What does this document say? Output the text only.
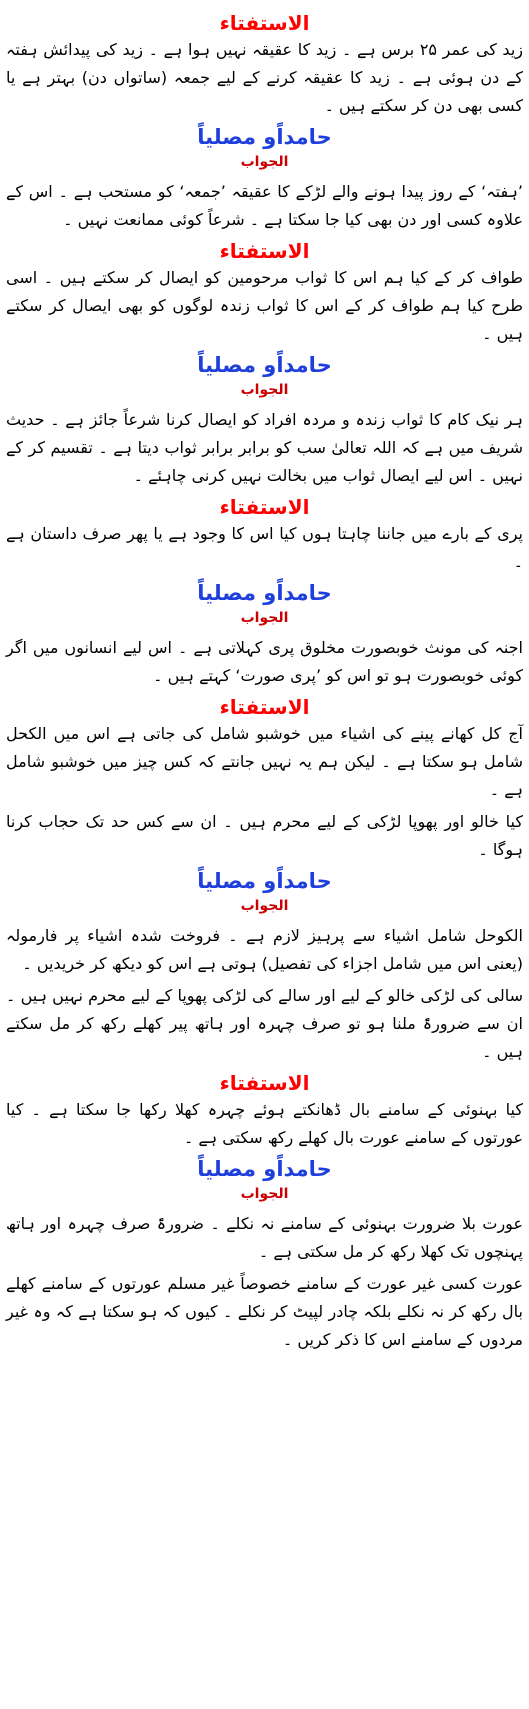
الاستفتاء

زید کی عمر ۲۵ برس ہے ۔ زید کا عقیقہ نہیں ہوا ہے ۔ زید کی پیدائش ہفتہ کے دن ہوئی ہے ۔ زید کا عقیقہ کرنے کے لیے جمعہ (ساتواں دن) بہتر ہے یا کسی بھی دن کر سکتے ہیں ۔

حامداًو مصلیاً
الجواب

’ہفتہ‘ کے روز پیدا ہونے والے لڑکے کا عقیقہ ’جمعہ‘ کو مستحب ہے ۔ اس کے علاوہ کسی اور دن بھی کیا جا سکتا ہے ۔ شرعاً کوئی ممانعت نہیں ۔

الاستفتاء

طواف کر کے کیا ہم اس کا ثواب مرحومین کو ایصال کر سکتے ہیں ۔ اسی طرح کیا ہم طواف کر کے اس کا ثواب زندہ لوگوں کو بھی ایصال کر سکتے ہیں ۔

حامداًو مصلیاً
الجواب

ہر نیک کام کا ثواب زندہ و مردہ افراد کو ایصال کرنا شرعاً جائز ہے ۔ حدیث شریف میں ہے کہ اللہ تعالیٰ سب کو برابر برابر ثواب دیتا ہے ۔ تقسیم کر کے نہیں ۔ اس لیے ایصال ثواب میں بخالت نہیں کرنی چاہئے ۔

الاستفتاء

پری کے بارے میں جاننا چاہتا ہوں کیا اس کا وجود ہے یا پھر صرف داستان ہے ۔

حامداًو مصلیاً
الجواب

اجنہ کی مونث خوبصورت مخلوق پری کہلاتی ہے ۔ اس لیے انسانوں میں اگر کوئی خوبصورت ہو تو اس کو ’پری صورت‘ کہتے ہیں ۔

الاستفتاء

آج کل کھانے پینے کی اشیاء میں خوشبو شامل کی جاتی ہے اس میں الکحل شامل ہو سکتا ہے ۔ لیکن ہم یہ نہیں جانتے کہ کس چیز میں خوشبو شامل ہے ۔

کیا خالو اور پھوپا لڑکی کے لیے محرم ہیں ۔ ان سے کس حد تک حجاب کرنا ہوگا ۔

حامداًو مصلیاً
الجواب

الکوحل شامل اشیاء سے پرہیز لازم ہے ۔ فروخت شدہ اشیاء پر فارمولہ (یعنی اس میں شامل اجزاء کی تفصیل) ہوتی ہے اس کو دیکھ کر خریدیں ۔

سالی کی لڑکی خالو کے لیے اور سالے کی لڑکی پھوپا کے لیے محرم نہیں ہیں ۔ ان سے ضرورۃً ملنا ہو تو صرف چہرہ اور ہاتھ پیر کھلے رکھ کر مل سکتے ہیں ۔

الاستفتاء

کیا بہنوئی کے سامنے بال ڈھانکتے ہوئے چہرہ کھلا رکھا جا سکتا ہے ۔ کیا عورتوں کے سامنے عورت بال کھلے رکھ سکتی ہے ۔

حامداًو مصلیاً
الجواب

عورت بلا ضرورت بہنوئی کے سامنے نہ نکلے ۔ ضرورۃً صرف چہرہ اور ہاتھ پہنچوں تک کھلا رکھ کر مل سکتی ہے ۔

عورت کسی غیر عورت کے سامنے خصوصاً غیر مسلم عورتوں کے سامنے کھلے بال رکھ کر نہ نکلے بلکہ چادر لپیٹ کر نکلے ۔ کیوں کہ ہو سکتا ہے کہ وہ غیر مردوں کے سامنے اس کا ذکر کریں ۔
